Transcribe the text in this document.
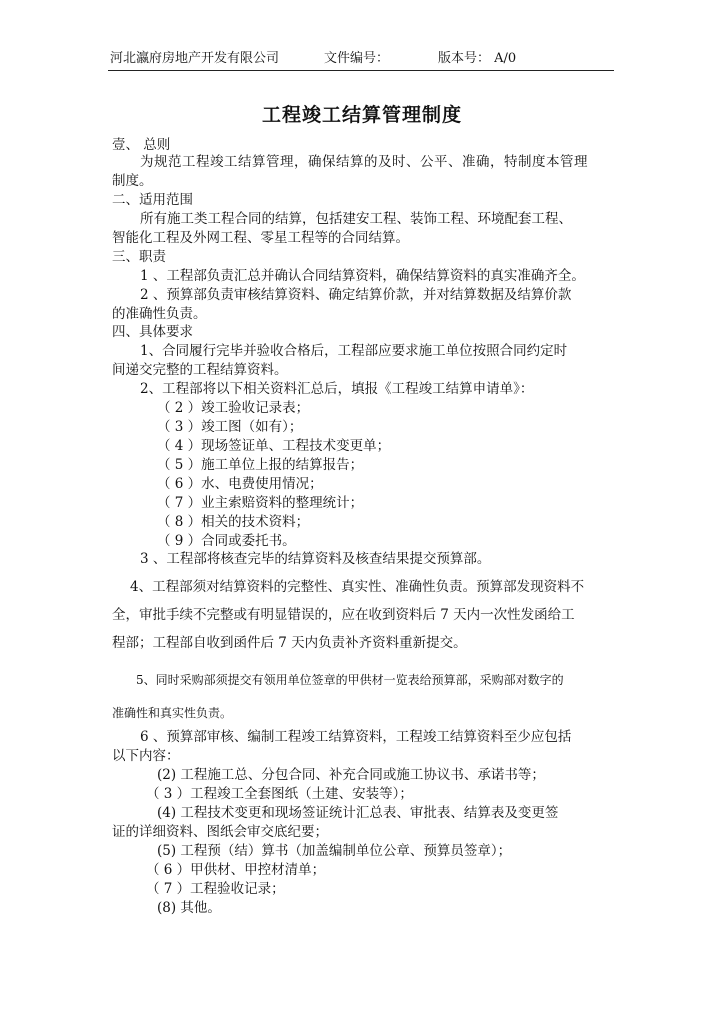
河北瀛府房地产开发有限公司	文件编号：	版本号： A/0
工程竣工结算管理制度
壹、 总则
为规范工程竣工结算管理，确保结算的及时、公平、准确，特制度本管理
制度。
二、适用范围
所有施工类工程合同的结算，包括建安工程、装饰工程、环境配套工程、
智能化工程及外网工程、零星工程等的合同结算。
三、职责
1 、工程部负责汇总并确认合同结算资料，确保结算资料的真实准确齐全。
2 、预算部负责审核结算资料、确定结算价款，并对结算数据及结算价款
的准确性负责。
四、具体要求
1、合同履行完毕并验收合格后，工程部应要求施工单位按照合同约定时
间递交完整的工程结算资料。
2、工程部将以下相关资料汇总后，填报《工程竣工结算申请单》：
（ 2 ）竣工验收记录表；
（ 3 ）竣工图（如有）；
（ 4 ）现场签证单、工程技术变更单；
（ 5 ）施工单位上报的结算报告；
（ 6 ）水、电费使用情况；
（ 7 ）业主索赔资料的整理统计；
（ 8 ）相关的技术资料；
（ 9 ）合同或委托书。
3 、工程部将核查完毕的结算资料及核查结果提交预算部。
4、工程部须对结算资料的完整性、真实性、准确性负责。预算部发现资料不
全，审批手续不完整或有明显错误的，应在收到资料后 7 天内一次性发函给工
程部；工程部自收到函件后 7 天内负责补齐资料重新提交。
5、同时采购部须提交有领用单位签章的甲供材一览表给预算部，采购部对数字的
准确性和真实性负责。
6 、预算部审核、编制工程竣工结算资料，工程竣工结算资料至少应包括
以下内容：
(2) 工程施工总、分包合同、补充合同或施工协议书、承诺书等；
（ 3 ）工程竣工全套图纸（土建、安装等）；
(4) 工程技术变更和现场签证统计汇总表、审批表、结算表及变更签
证的详细资料、图纸会审交底纪要；
(5) 工程预（结）算书（加盖编制单位公章、预算员签章）；
（ 6 ）甲供材、甲控材清单；
（ 7 ）工程验收记录；
(8) 其他。
